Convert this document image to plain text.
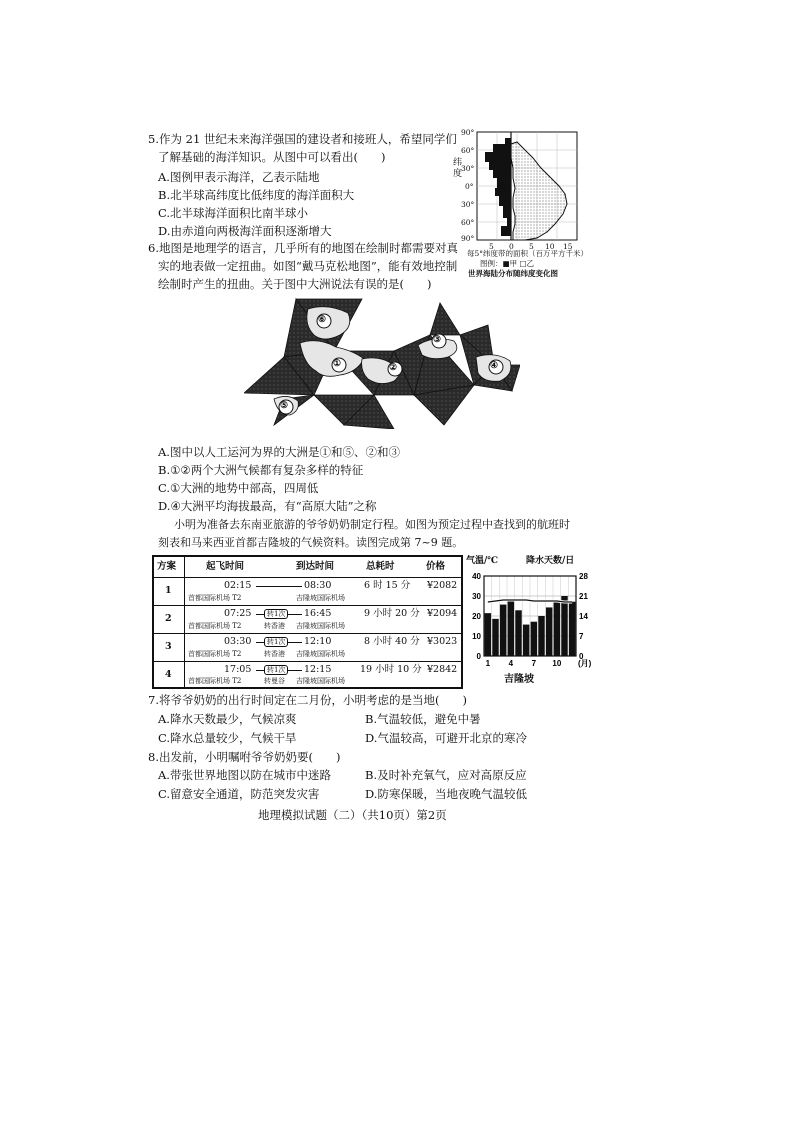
5.作为 21 世纪未来海洋强国的建设者和接班人，希望同学们
了解基础的海洋知识。从图中可以看出(　　)
A.图例甲表示海洋，乙表示陆地
B.北半球高纬度比低纬度的海洋面积大
C.北半球海洋面积比南半球小
D.由赤道向两极海洋面积逐渐增大
90°
60°
30°
0°
30°
60°
90°
纬度
5 0 5 10 15
每5°纬度带的面积（百万平方千米）
图例：■甲 □乙
世界海陆分布随纬度变化图
6.地图是地理学的语言，几乎所有的地图在绘制时都需要对真
实的地表做一定扭曲。如图“戴马克松地图”，能有效地控制
绘制时产生的扭曲。关于图中大洲说法有误的是(　　)
⑥
①	②
③
④
⑤
A.图中以人工运河为界的大洲是①和⑤、②和③
B.①②两个大洲气候都有复杂多样的特征
C.①大洲的地势中部高，四周低
D.④大洲平均海拔最高，有“高原大陆”之称
小明为准备去东南亚旅游的爷爷奶奶制定行程。如图为预定过程中查找到的航班时
刻表和马来西亚首都吉隆坡的气候资料。读图完成第 7~9 题。
方案	起飞时间	到达时间	总耗时	价格
1	02:15	08:30	6 时 15 分 ¥2082
首都国际机场 T2	吉隆坡国际机场
2	07:25	转1次	16:45	9 小时 20 分 ¥2094
首都国际机场 T2	转香港 吉隆坡国际机场
3	03:30	转1次	12:10	8 小时 40 分 ¥3023
首都国际机场 T2	转香港 吉隆坡国际机场
4	17:05	转1次	12:15	19 小时 10 分 ¥2842
首都国际机场 T2	转曼谷 吉隆坡国际机场
气温/℃	降水天数/日
40
30
20
10
0
28
21
14
7
0
1 4 7 10 (月)
吉隆坡
7.将爷爷奶奶的出行时间定在二月份，小明考虑的是当地(　　)
A.降水天数最少，气候凉爽	B.气温较低，避免中暑
C.降水总量较少，气候干旱	D.气温较高，可避开北京的寒冷
8.出发前，小明嘱咐爷爷奶奶要(　　)
A.带张世界地图以防在城市中迷路	B.及时补充氧气，应对高原反应
C.留意安全通道，防范突发灾害	D.防寒保暖，当地夜晚气温较低
地理模拟试题（二）（共10页）第2页
